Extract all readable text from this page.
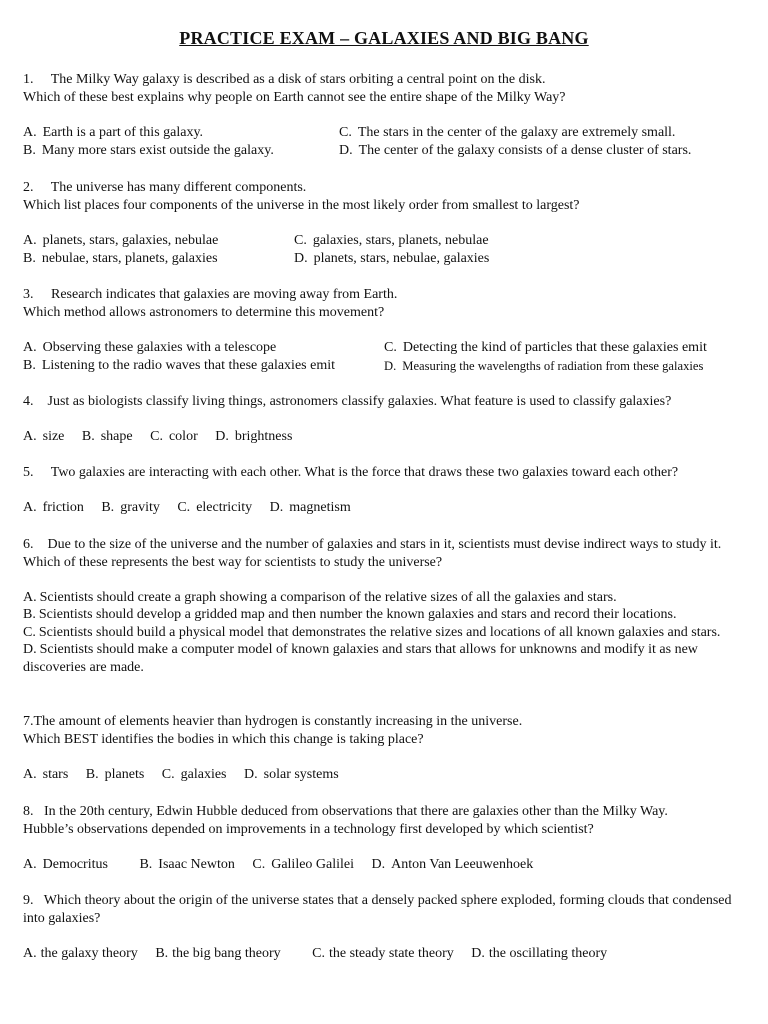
PRACTICE EXAM – GALAXIES AND BIG BANG
1. The Milky Way galaxy is described as a disk of stars orbiting a central point on the disk.
Which of these best explains why people on Earth cannot see the entire shape of the Milky Way?
A. Earth is a part of this galaxy.
B. Many more stars exist outside the galaxy.
C. The stars in the center of the galaxy are extremely small.
D. The center of the galaxy consists of a dense cluster of stars.
2. The universe has many different components.
Which list places four components of the universe in the most likely order from smallest to largest?
A. planets, stars, galaxies, nebulae
B. nebulae, stars, planets, galaxies
C. galaxies, stars, planets, nebulae
D. planets, stars, nebulae, galaxies
3. Research indicates that galaxies are moving away from Earth.
Which method allows astronomers to determine this movement?
A. Observing these galaxies with a telescope
B. Listening to the radio waves that these galaxies emit
C. Detecting the kind of particles that these galaxies emit
D. Measuring the wavelengths of radiation from these galaxies
4. Just as biologists classify living things, astronomers classify galaxies. What feature is used to classify galaxies?
A. size B. shape C. color D. brightness
5. Two galaxies are interacting with each other. What is the force that draws these two galaxies toward each other?
A. friction B. gravity C. electricity D. magnetism
6. Due to the size of the universe and the number of galaxies and stars in it, scientists must devise indirect ways to study it. Which of these represents the best way for scientists to study the universe?
A. Scientists should create a graph showing a comparison of the relative sizes of all the galaxies and stars.
B. Scientists should develop a gridded map and then number the known galaxies and stars and record their locations.
C. Scientists should build a physical model that demonstrates the relative sizes and locations of all known galaxies and stars.
D. Scientists should make a computer model of known galaxies and stars that allows for unknowns and modify it as new discoveries are made.
7.The amount of elements heavier than hydrogen is constantly increasing in the universe.
Which BEST identifies the bodies in which this change is taking place?
A. stars B. planets C. galaxies D. solar systems
8. In the 20th century, Edwin Hubble deduced from observations that there are galaxies other than the Milky Way.
Hubble’s observations depended on improvements in a technology first developed by which scientist?
A. Democritus B. Isaac Newton C. Galileo Galilei D. Anton Van Leeuwenhoek
9. Which theory about the origin of the universe states that a densely packed sphere exploded, forming clouds that condensed into galaxies?
A. the galaxy theory B. the big bang theory C. the steady state theory D. the oscillating theory
